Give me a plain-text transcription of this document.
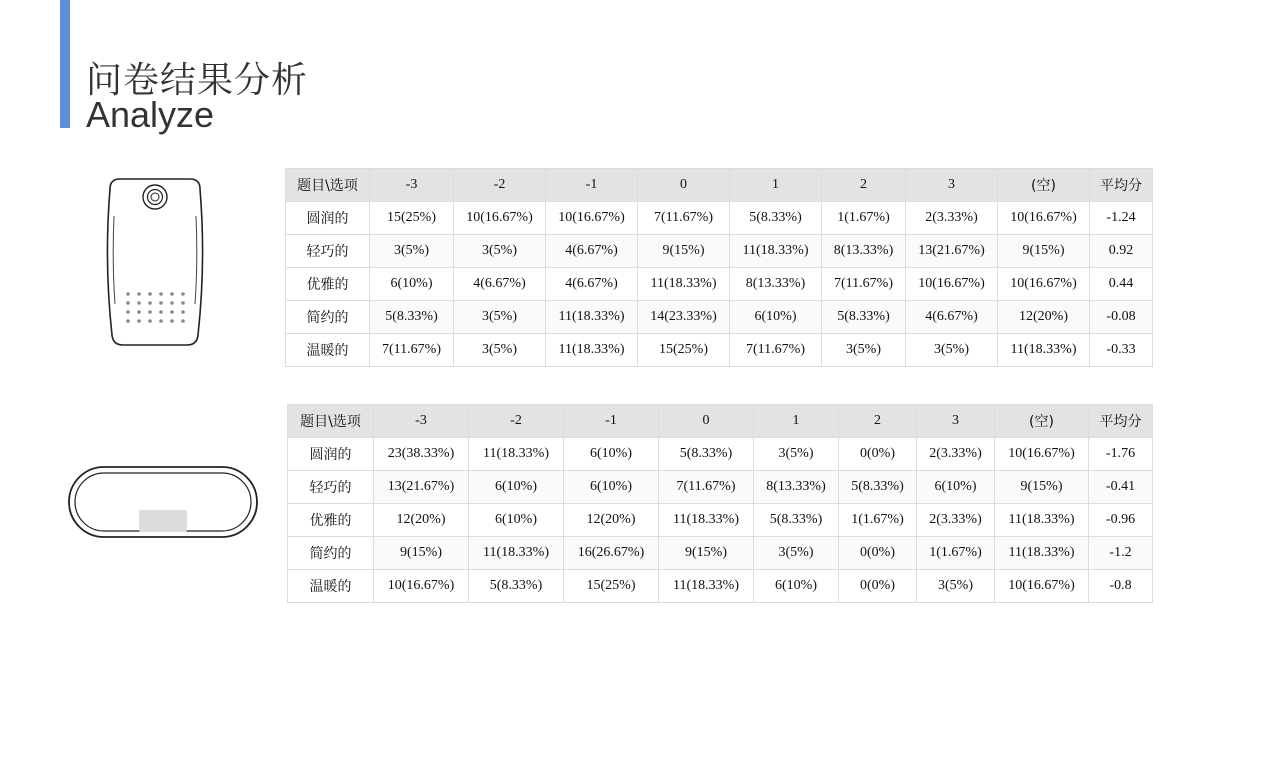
问卷结果分析
Analyze
题目\选项	-3	-2	-1	0	1	2	3	(空)	平均分
圆润的	15(25%)	10(16.67%)	10(16.67%)	7(11.67%)	5(8.33%)	1(1.67%)	2(3.33%)	10(16.67%)	-1.24
轻巧的	3(5%)	3(5%)	4(6.67%)	9(15%)	11(18.33%)	8(13.33%)	13(21.67%)	9(15%)	0.92
优雅的	6(10%)	4(6.67%)	4(6.67%)	11(18.33%)	8(13.33%)	7(11.67%)	10(16.67%)	10(16.67%)	0.44
简约的	5(8.33%)	3(5%)	11(18.33%)	14(23.33%)	6(10%)	5(8.33%)	4(6.67%)	12(20%)	-0.08
温暖的	7(11.67%)	3(5%)	11(18.33%)	15(25%)	7(11.67%)	3(5%)	3(5%)	11(18.33%)	-0.33
题目\选项	-3	-2	-1	0	1	2	3	(空)	平均分
圆润的	23(38.33%)	11(18.33%)	6(10%)	5(8.33%)	3(5%)	0(0%)	2(3.33%)	10(16.67%)	-1.76
轻巧的	13(21.67%)	6(10%)	6(10%)	7(11.67%)	8(13.33%)	5(8.33%)	6(10%)	9(15%)	-0.41
优雅的	12(20%)	6(10%)	12(20%)	11(18.33%)	5(8.33%)	1(1.67%)	2(3.33%)	11(18.33%)	-0.96
简约的	9(15%)	11(18.33%)	16(26.67%)	9(15%)	3(5%)	0(0%)	1(1.67%)	11(18.33%)	-1.2
温暖的	10(16.67%)	5(8.33%)	15(25%)	11(18.33%)	6(10%)	0(0%)	3(5%)	10(16.67%)	-0.8
